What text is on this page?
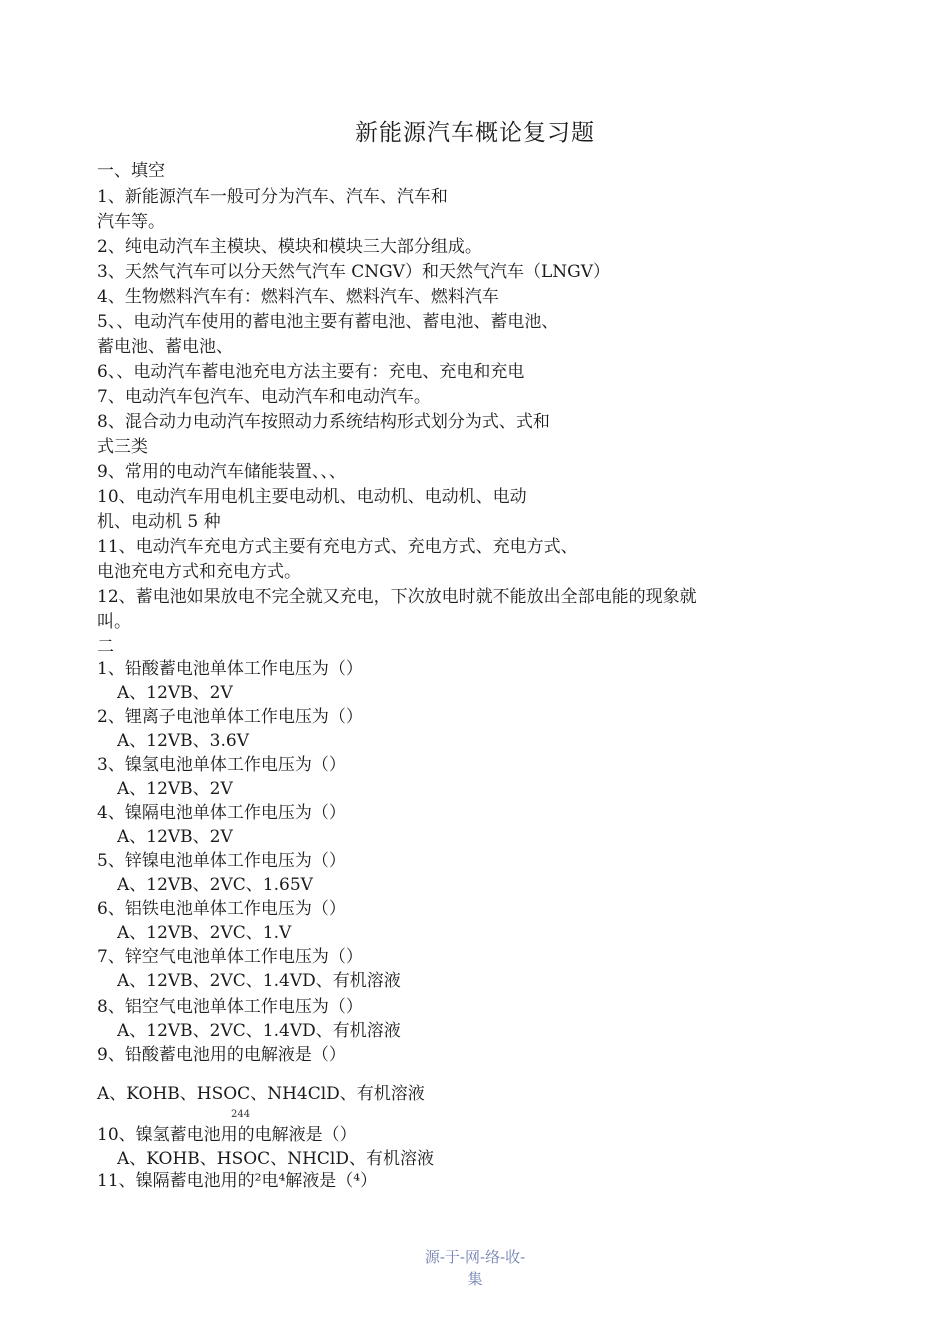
新能源汽车概论复习题
一、填空
1、新能源汽车一般可分为汽车、汽车、汽车和
汽车等。
2、纯电动汽车主模块、模块和模块三大部分组成。
3、天然气汽车可以分天然气汽车 CNGV）和天然气汽车（LNGV）
4、生物燃料汽车有：燃料汽车、燃料汽车、燃料汽车
5、、电动汽车使用的蓄电池主要有蓄电池、蓄电池、蓄电池、
蓄电池、蓄电池、
6、、电动汽车蓄电池充电方法主要有：充电、充电和充电
7、电动汽车包汽车、电动汽车和电动汽车。
8、混合动力电动汽车按照动力系统结构形式划分为式、式和
式三类
9、常用的电动汽车储能装置、、、
10、电动汽车用电机主要电动机、电动机、电动机、电动
机、电动机 5 种
11、电动汽车充电方式主要有充电方式、充电方式、充电方式、
电池充电方式和充电方式。
12、蓄电池如果放电不完全就又充电，下次放电时就不能放出全部电能的现象就
叫。
二
1、铅酸蓄电池单体工作电压为（）
A、12VB、2V
2、锂离子电池单体工作电压为（）
A、12VB、3.6V
3、镍氢电池单体工作电压为（）
A、12VB、2V
4、镍隔电池单体工作电压为（）
A、12VB、2V
5、锌镍电池单体工作电压为（）
A、12VB、2VC、1.65V
6、铝铁电池单体工作电压为（）
A、12VB、2VC、1.V
7、锌空气电池单体工作电压为（）
A、12VB、2VC、1.4VD、有机溶液
8、铝空气电池单体工作电压为（）
A、12VB、2VC、1.4VD、有机溶液
9、铅酸蓄电池用的电解液是（）
A、KOHB、HSOC、NH4ClD、有机溶液
244
10、镍氢蓄电池用的电解液是（）
A、KOHB、HSOC、NHClD、有机溶液
11、镍隔蓄电池用的²电⁴解液是（⁴）
源-于-网-络-收-
集
